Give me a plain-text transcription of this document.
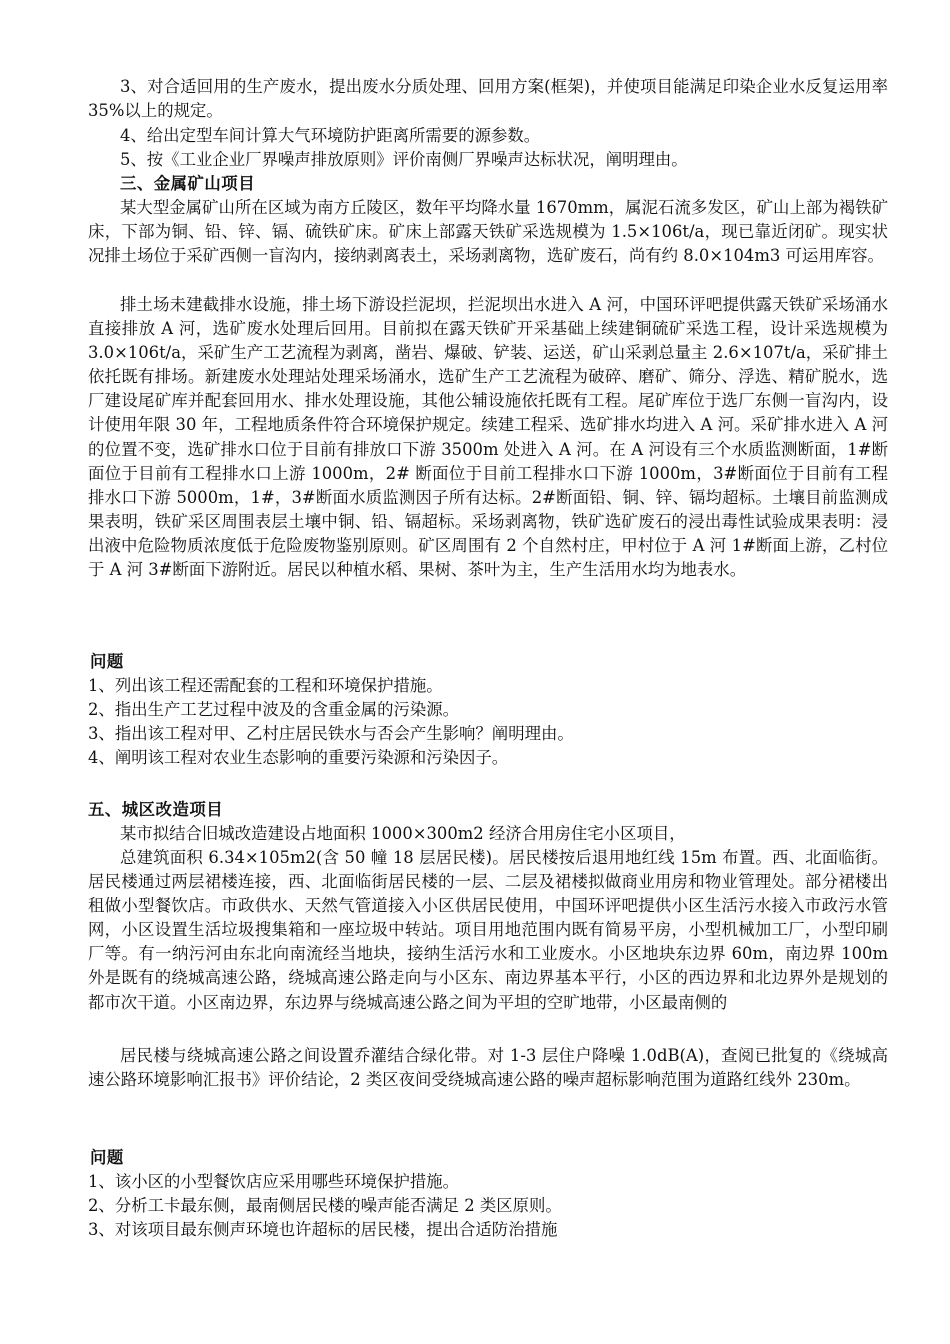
3、对合适回用的生产废水，提出废水分质处理、回用方案(框架)，并使项目能满足印染企业水反复运用率 35%以上的规定。

4、给出定型车间计算大气环境防护距离所需要的源参数。

5、按《工业企业厂界噪声排放原则》评价南侧厂界噪声达标状况，阐明理由。

三、金属矿山项目

某大型金属矿山所在区域为南方丘陵区，数年平均降水量 1670mm，属泥石流多发区，矿山上部为褐铁矿床，下部为铜、铅、锌、镉、硫铁矿床。矿床上部露天铁矿采选规模为 1.5×106t/a，现已靠近闭矿。现实状况排土场位于采矿西侧一盲沟内，接纳剥离表土，采场剥离物，选矿废石，尚有约 8.0×104m3 可运用库容。

排土场未建截排水设施，排土场下游设拦泥坝，拦泥坝出水进入 A 河，中国环评吧提供露天铁矿采场涌水直接排放 A 河，选矿废水处理后回用。目前拟在露天铁矿开采基础上续建铜硫矿采选工程，设计采选规模为 3.0×106t/a，采矿生产工艺流程为剥离，凿岩、爆破、铲装、运送，矿山采剥总量主 2.6×107t/a，采矿排土依托既有排场。新建废水处理站处理采场涌水，选矿生产工艺流程为破碎、磨矿、筛分、浮选、精矿脱水，选厂建设尾矿库并配套回用水、排水处理设施，其他公辅设施依托既有工程。尾矿库位于选厂东侧一盲沟内，设计使用年限 30 年，工程地质条件符合环境保护规定。续建工程采、选矿排水均进入 A 河。采矿排水进入 A 河的位置不变，选矿排水口位于目前有排放口下游 3500m 处进入 A 河。在 A 河设有三个水质监测断面，1#断面位于目前有工程排水口上游 1000m，2# 断面位于目前工程排水口下游 1000m，3#断面位于目前有工程排水口下游 5000m，1#，3#断面水质监测因子所有达标。2#断面铅、铜、锌、镉均超标。土壤目前监测成果表明，铁矿采区周围表层土壤中铜、铅、镉超标。采场剥离物，铁矿选矿废石的浸出毒性试验成果表明：浸出液中危险物质浓度低于危险废物鉴别原则。矿区周围有 2 个自然村庄，甲村位于 A 河 1#断面上游，乙村位于 A 河 3#断面下游附近。居民以种植水稻、果树、茶叶为主，生产生活用水均为地表水。

问题
1、列出该工程还需配套的工程和环境保护措施。
2、指出生产工艺过程中波及的含重金属的污染源。
3、指出该工程对甲、乙村庄居民铁水与否会产生影响？阐明理由。
4、阐明该工程对农业生态影响的重要污染源和污染因子。

五、城区改造项目

某市拟结合旧城改造建设占地面积 1000×300m2 经济合用房住宅小区项目，

总建筑面积 6.34×105m2(含 50 幢 18 层居民楼)。居民楼按后退用地红线 15m 布置。西、北面临街。居民楼通过两层裙楼连接，西、北面临街居民楼的一层、二层及裙楼拟做商业用房和物业管理处。部分裙楼出租做小型餐饮店。市政供水、天然气管道接入小区供居民使用，中国环评吧提供小区生活污水接入市政污水管网，小区设置生活垃圾搜集箱和一座垃圾中转站。项目用地范围内既有简易平房，小型机械加工厂，小型印刷厂等。有一纳污河由东北向南流经当地块，接纳生活污水和工业废水。小区地块东边界 60m，南边界 100m 外是既有的绕城高速公路，绕城高速公路走向与小区东、南边界基本平行，小区的西边界和北边界外是规划的都市次干道。小区南边界，东边界与绕城高速公路之间为平坦的空旷地带，小区最南侧的

居民楼与绕城高速公路之间设置乔灌结合绿化带。对 1-3 层住户降噪 1.0dB(A)，查阅已批复的《绕城高速公路环境影响汇报书》评价结论，2 类区夜间受绕城高速公路的噪声超标影响范围为道路红线外 230m。

问题
1、该小区的小型餐饮店应采用哪些环境保护措施。
2、分析工卡最东侧，最南侧居民楼的噪声能否满足 2 类区原则。
3、对该项目最东侧声环境也许超标的居民楼，提出合适防治措施
